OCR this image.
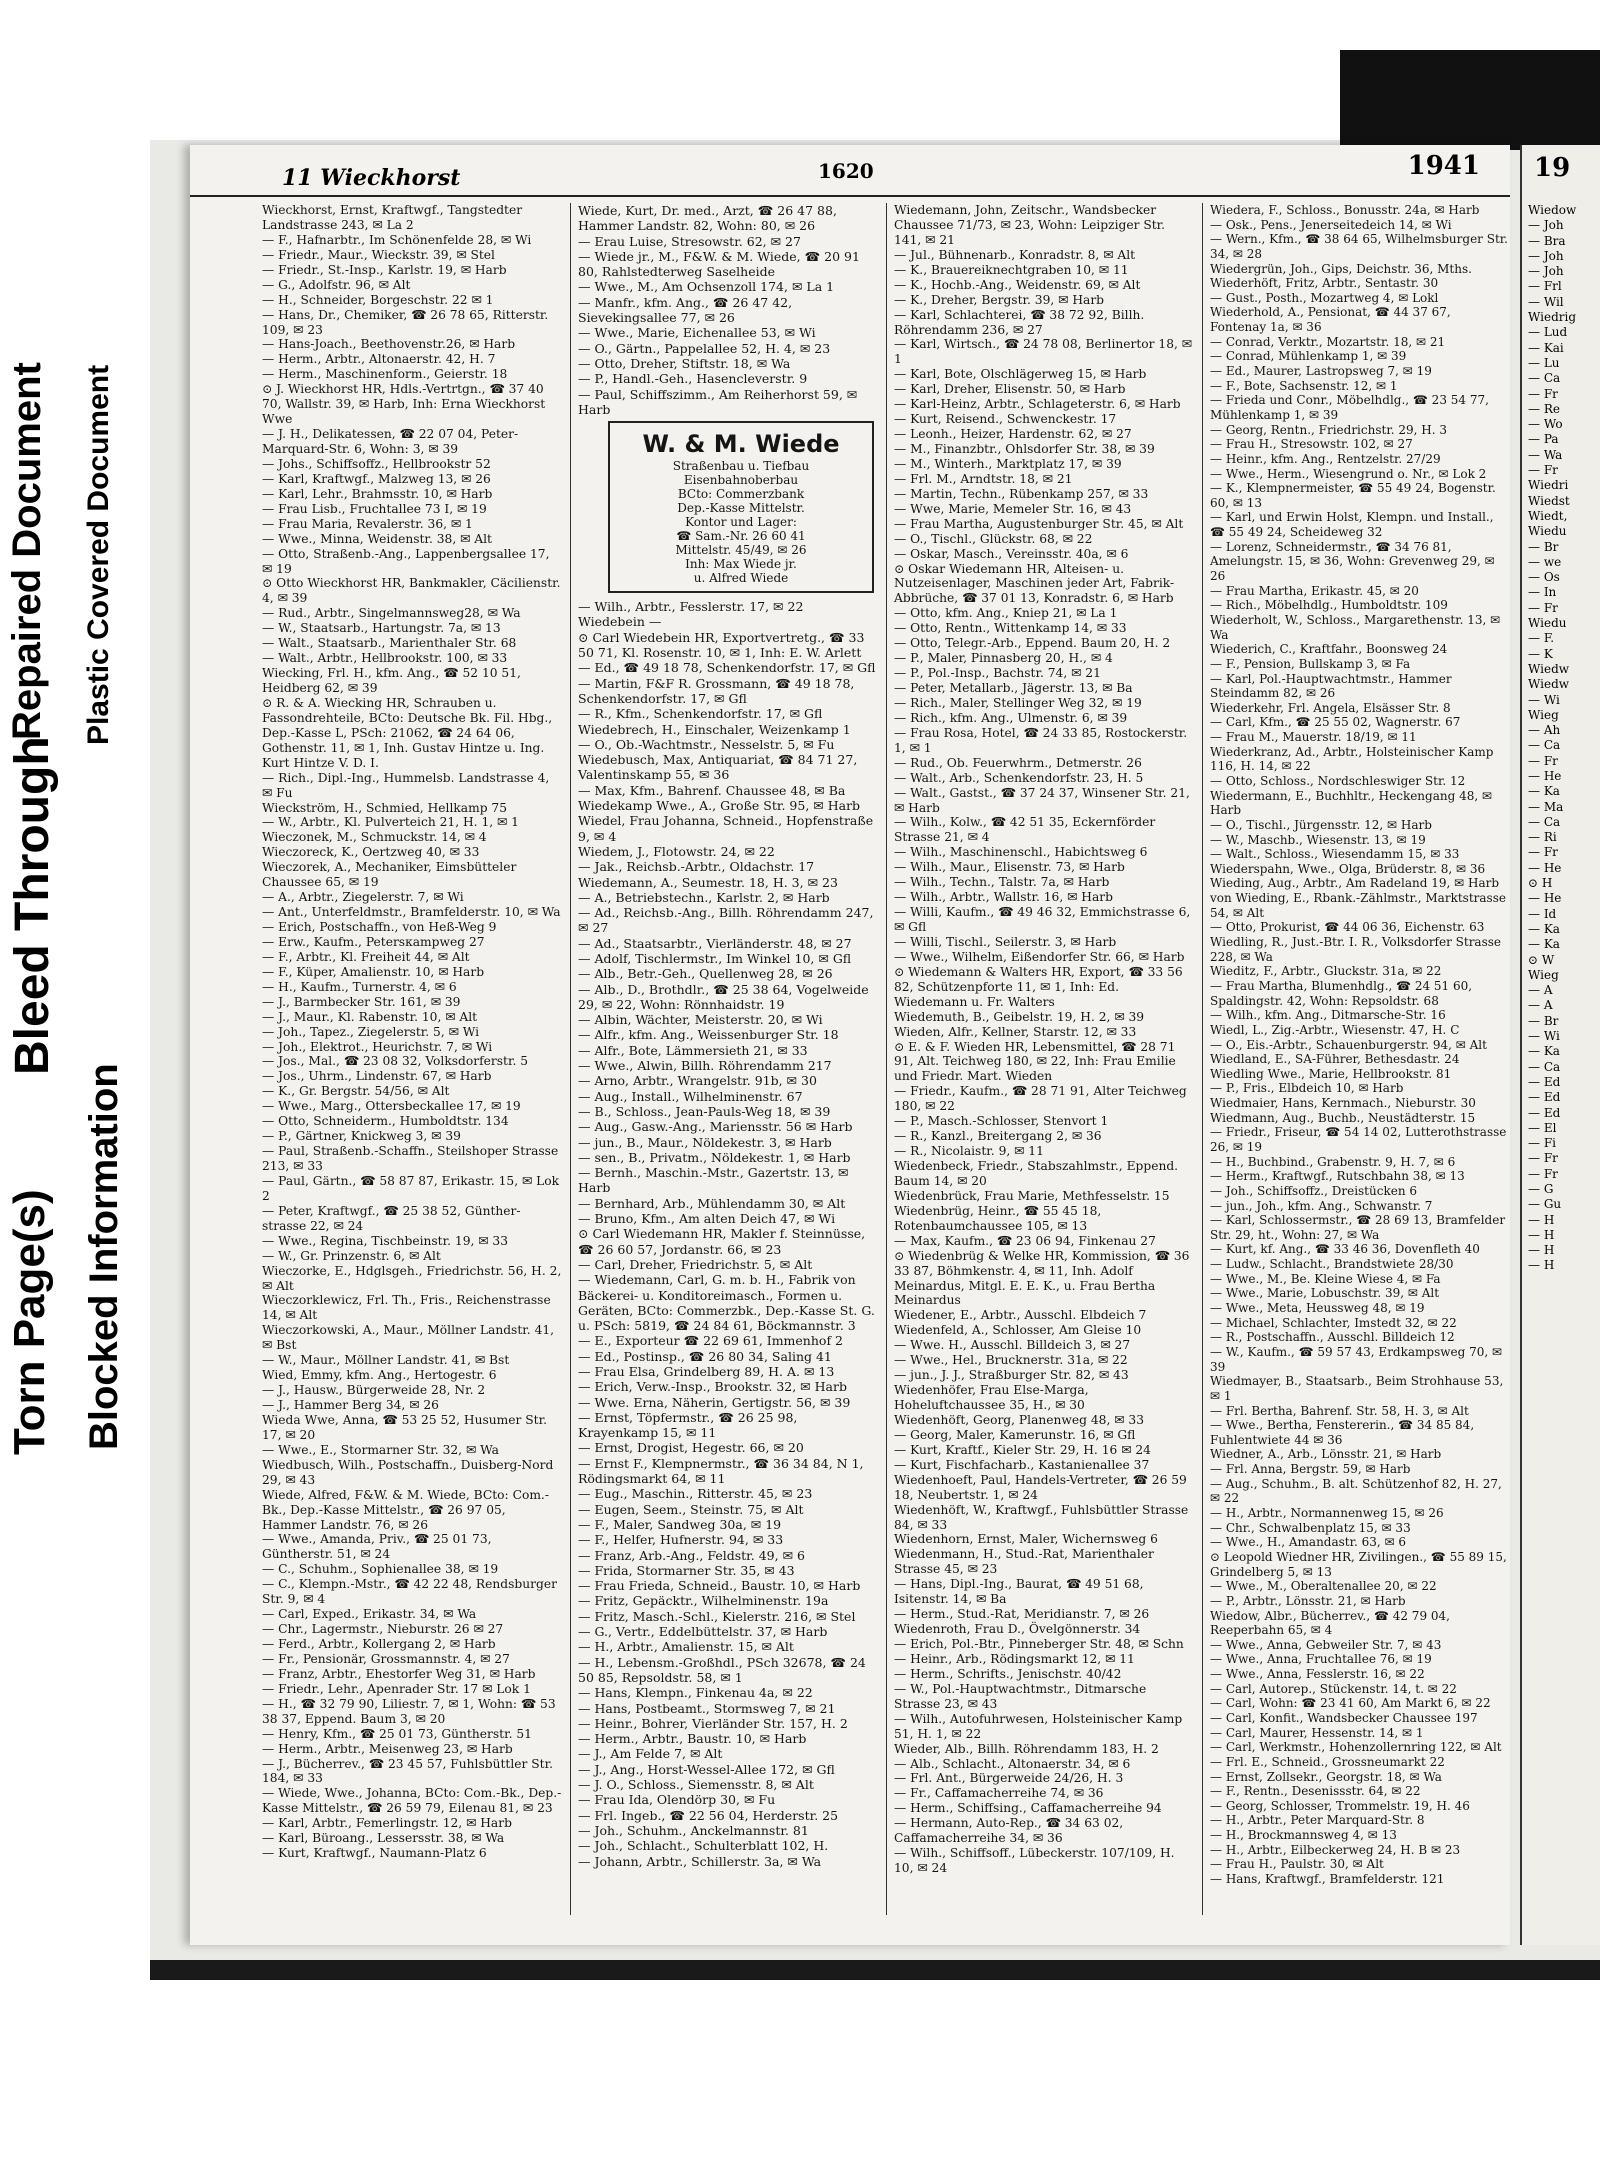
Torn Page(s) Blocked Information
Bleed Through
Repaired Document Plastic Covered Document
11 Wieckhorst	1620	1941

Wieckhorst, Ernst, Kraftwgf., Tangstedter Landstrasse 243, ✉ La 2

— F., Hafnarbtr., Im Schönenfelde 28, ✉ Wi

— Friedr., Maur., Wieckstr. 39, ✉ Stel

— Friedr., St.-Insp., Karlstr. 19, ✉ Harb

— G., Adolfstr. 96, ✉ Alt

— H., Schneider, Borgeschstr. 22 ✉ 1

— Hans, Dr., Chemiker, ☎ 26 78 65, Ritterstr. 109, ✉ 23

— Hans-Joach., Beethovenstr.26, ✉ Harb

— Herm., Arbtr., Altonaerstr. 42, H. 7

— Herm., Maschinenform., Geierstr. 18

⊙ J. Wieckhorst HR, Hdls.-Vertrtgn., ☎ 37 40 70, Wallstr. 39, ✉ Harb, Inh: Erna Wieckhorst Wwe

— J. H., Delikatessen, ☎ 22 07 04, Peter-Marquard-Str. 6, Wohn: 3, ✉ 39

— Johs., Schiffsoffz., Hellbrookstr 52

— Karl, Kraftwgf., Malzweg 13, ✉ 26

— Karl, Lehr., Brahmsstr. 10, ✉ Harb

— Frau Lisb., Fruchtallee 73 I, ✉ 19

— Frau Maria, Revalerstr. 36, ✉ 1

— Wwe., Minna, Weidenstr. 38, ✉ Alt

— Otto, Straßenb.-Ang., Lappenbergsallee 17, ✉ 19

⊙ Otto Wieckhorst HR, Bankmakler, Cäcilienstr. 4, ✉ 39

— Rud., Arbtr., Singelmannsweg28, ✉ Wa

— W., Staatsarb., Hartungstr. 7a, ✉ 13

— Walt., Staatsarb., Marienthaler Str. 68

— Walt., Arbtr., Hellbrookstr. 100, ✉ 33

Wiecking, Frl. H., kfm. Ang., ☎ 52 10 51, Heidberg 62, ✉ 39

⊙ R. & A. Wiecking HR, Schrauben u. Fassondrehteile, BCto: Deutsche Bk. Fil. Hbg., Dep.-Kasse L, PSch: 21062, ☎ 24 64 06, Gothenstr. 11, ✉ 1, Inh. Gustav Hintze u. Ing. Kurt Hintze V. D. I.

— Rich., Dipl.-Ing., Hummelsb. Landstrasse 4, ✉ Fu

Wieckström, H., Schmied, Hellkamp 75

— W., Arbtr., Kl. Pulverteich 21, H. 1, ✉ 1

Wieczonek, M., Schmuckstr. 14, ✉ 4

Wieczoreck, K., Oertzweg 40, ✉ 33

Wieczorek, A., Mechaniker, Eimsbütteler Chaussee 65, ✉ 19

— A., Arbtr., Ziegelerstr. 7, ✉ Wi

— Ant., Unterfeldmstr., Bramfelderstr. 10, ✉ Wa

— Erich, Postschaffn., von Heß-Weg 9

— Erw., Kaufm., Petersкampweg 27

— F., Arbtr., Kl. Freiheit 44, ✉ Alt

— F., Küper, Amalienstr. 10, ✉ Harb

— H., Kaufm., Turnerstr. 4, ✉ 6

— J., Barmbecker Str. 161, ✉ 39

— J., Maur., Kl. Rabenstr. 10, ✉ Alt

— Joh., Tapez., Ziegelerstr. 5, ✉ Wi

— Joh., Elektrot., Heurichstr. 7, ✉ Wi

— Jos., Mal., ☎ 23 08 32, Volksdorferstr. 5

— Jos., Uhrm., Lindenstr. 67, ✉ Harb

— K., Gr. Bergstr. 54/56, ✉ Alt

— Wwe., Marg., Ottersbeckallee 17, ✉ 19

— Otto, Schneiderm., Humboldtstr. 134

— P., Gärtner, Knickweg 3, ✉ 39

— Paul, Straßenb.-Schaffn., Steilshoper Strasse 213, ✉ 33

— Paul, Gärtn., ☎ 58 87 87, Erikastr. 15, ✉ Lok 2

— Peter, Kraftwgf., ☎ 25 38 52, Günther-strasse 22, ✉ 24

— Wwe., Regina, Tischbeinstr. 19, ✉ 33

— W., Gr. Prinzenstr. 6, ✉ Alt

Wieczorke, E., Hdglsgeh., Friedrichstr. 56, H. 2, ✉ Alt

Wieczorklewicz, Frl. Th., Fris., Reichenstrasse 14, ✉ Alt

Wieczorkowski, A., Maur., Möllner Landstr. 41, ✉ Bst

— W., Maur., Möllner Landstr. 41, ✉ Bst

Wied, Emmy, kfm. Ang., Hertogestr. 6

— J., Hausw., Bürgerweide 28, Nr. 2

— J., Hammer Berg 34, ✉ 26

Wieda Wwe, Anna, ☎ 53 25 52, Husumer Str. 17, ✉ 20

— Wwe., E., Stormarner Str. 32, ✉ Wa

Wiedbusch, Wilh., Postschaffn., Duisberg-Nord 29, ✉ 43

Wiede, Alfred, F&W. & M. Wiede, BCto: Com.-Bk., Dep.-Kasse Mittelstr., ☎ 26 97 05, Hammer Landstr. 76, ✉ 26

— Wwe., Amanda, Priv., ☎ 25 01 73, Güntherstr. 51, ✉ 24

— C., Schuhm., Sophienallee 38, ✉ 19

— C., Klempn.-Mstr., ☎ 42 22 48, Rendsburger Str. 9, ✉ 4

— Carl, Exped., Erikastr. 34, ✉ Wa

— Chr., Lagermstr., Nieburstr. 26 ✉ 27

— Ferd., Arbtr., Kollergang 2, ✉ Harb

— Fr., Pensionär, Grossmannstr. 4, ✉ 27

— Franz, Arbtr., Ehestorfer Weg 31, ✉ Harb

— Friedr., Lehr., Apenrader Str. 17 ✉ Lok 1

— H., ☎ 32 79 90, Liliestr. 7, ✉ 1, Wohn: ☎ 53 38 37, Eppend. Baum 3, ✉ 20

— Henry, Kfm., ☎ 25 01 73, Güntherstr. 51

— Herm., Arbtr., Meisenweg 23, ✉ Harb

— J., Bücherrev., ☎ 23 45 57, Fuhlsbüttler Str. 184, ✉ 33

— Wiede, Wwe., Johanna, BCto: Com.-Bk., Dep.-Kasse Mittelstr., ☎ 26 59 79, Eilenau 81, ✉ 23

— Karl, Arbtr., Femerlingstr. 12, ✉ Harb

— Karl, Büroang., Lessersstr. 38, ✉ Wa

— Kurt, Kraftwgf., Naumann-Platz 6

Wiede, Kurt, Dr. med., Arzt, ☎ 26 47 88, Hammer Landstr. 82, Wohn: 80, ✉ 26

— Erau Luise, Stresowstr. 62, ✉ 27

— Wiede jr., M., F&W. & M. Wiede, ☎ 20 91 80, Rahlstedterweg Saselheide

— Wwe., M., Am Ochsenzoll 174, ✉ La 1

— Manfr., kfm. Ang., ☎ 26 47 42, Sievekingsallee 77, ✉ 26

— Wwe., Marie, Eichenallee 53, ✉ Wi

— O., Gärtn., Pappelallee 52, H. 4, ✉ 23

— Otto, Dreher, Stiftstr. 18, ✉ Wa

— P., Handl.-Geh., Hasencleverstr. 9

— Paul, Schiffszimm., Am Reiherhorst 59, ✉ Harb

W. & M. Wiede
Straßenbau u. Tiefbau
Eisenbahnoberbau
BCto: Commerzbank
Dep.-Kasse Mittelstr.
Kontor und Lager:
☎ Sam.-Nr. 26 60 41
Mittelstr. 45/49, ✉ 26
Inh: Max Wiede jr.
u. Alfred Wiede

— Wilh., Arbtr., Fesslerstr. 17, ✉ 22

Wiedebein —

⊙ Carl Wiedebein HR, Exportvertretg., ☎ 33 50 71, Kl. Rosenstr. 10, ✉ 1, Inh: E. W. Arlett

— Ed., ☎ 49 18 78, Schenkendorfstr. 17, ✉ Gfl

— Martin, F&F R. Grossmann, ☎ 49 18 78, Schenkendorfstr. 17, ✉ Gfl

— R., Kfm., Schenkendorfstr. 17, ✉ Gfl

Wiedebrech, H., Einschaler, Weizenkamp 1

— O., Ob.-Wachtmstr., Nesselstr. 5, ✉ Fu

Wiedebusch, Max, Antiquariat, ☎ 84 71 27, Valentinskamp 55, ✉ 36

— Max, Kfm., Bahrenf. Chaussee 48, ✉ Ba

Wiedekamp Wwe., A., Große Str. 95, ✉ Harb

Wiedel, Frau Johanna, Schneid., Hopfenstraße 9, ✉ 4

Wiedem, J., Flotowstr. 24, ✉ 22

— Jak., Reichsb.-Arbtr., Oldachstr. 17

Wiedemann, A., Seumestr. 18, H. 3, ✉ 23

— A., Betriebstechn., Karlstr. 2, ✉ Harb

— Ad., Reichsb.-Ang., Billh. Röhrendamm 247, ✉ 27

— Ad., Staatsarbtr., Vierländerstr. 48, ✉ 27

— Adolf, Tischlermstr., Im Winkel 10, ✉ Gfl

— Alb., Betr.-Geh., Quellenweg 28, ✉ 26

— Alb., D., Brothdlr., ☎ 25 38 64, Vogelweide 29, ✉ 22, Wohn: Rönnhaidstr. 19

— Albin, Wächter, Meisterstr. 20, ✉ Wi

— Alfr., kfm. Ang., Weissenburger Str. 18

— Alfr., Bote, Lämmersieth 21, ✉ 33

— Wwe., Alwin, Billh. Röhrendamm 217

— Arno, Arbtr., Wrangelstr. 91b, ✉ 30

— Aug., Install., Wilhelminenstr. 67

— B., Schloss., Jean-Pauls-Weg 18, ✉ 39

— Aug., Gasw.-Ang., Mariensstr. 56 ✉ Harb

— jun., B., Maur., Nöldekestr. 3, ✉ Harb

— sen., B., Privatm., Nöldekestr. 1, ✉ Harb

— Bernh., Maschin.-Mstr., Gazertstr. 13, ✉ Harb

— Bernhard, Arb., Mühlendamm 30, ✉ Alt

— Bruno, Kfm., Am alten Deich 47, ✉ Wi

⊙ Carl Wiedemann HR, Makler f. Steinnüsse, ☎ 26 60 57, Jordanstr. 66, ✉ 23

— Carl, Dreher, Friedrichstr. 5, ✉ Alt

— Wiedemann, Carl, G. m. b. H., Fabrik von Bäckerei- u. Konditoreimasch., Formen u. Geräten, BCto: Commerzbk., Dep.-Kasse St. G. u. PSch: 5819, ☎ 24 84 61, Böckmannstr. 3

— E., Exporteur ☎ 22 69 61, Immenhof 2

— Ed., Postinsp., ☎ 26 80 34, Saling 41

— Frau Elsa, Grindelberg 89, H. A. ✉ 13

— Erich, Verw.-Insp., Brookstr. 32, ✉ Harb

— Wwe. Erna, Näherin, Gertigstr. 56, ✉ 39

— Ernst, Töpfermstr., ☎ 26 25 98, Krayenkamp 15, ✉ 11

— Ernst, Drogist, Hegestr. 66, ✉ 20

— Ernst F., Klempnermstr., ☎ 36 34 84, N 1, Rödingsmarkt 64, ✉ 11

— Eug., Maschin., Ritterstr. 45, ✉ 23

— Eugen, Seem., Steinstr. 75, ✉ Alt

— F., Maler, Sandweg 30a, ✉ 19

— F., Helfer, Hufnerstr. 94, ✉ 33

— Franz, Arb.-Ang., Feldstr. 49, ✉ 6

— Frida, Stormarner Str. 35, ✉ 43

— Frau Frieda, Schneid., Baustr. 10, ✉ Harb

— Fritz, Gepäcktr., Wilhelminenstr. 19a

— Fritz, Masch.-Schl., Kielerstr. 216, ✉ Stel

— G., Vertr., Eddelbüttelstr. 37, ✉ Harb

— H., Arbtr., Amalienstr. 15, ✉ Alt

— H., Lebensm.-Großhdl., PSch 32678, ☎ 24 50 85, Repsoldstr. 58, ✉ 1

— Hans, Klempn., Finkenau 4a, ✉ 22

— Hans, Postbeamt., Stormsweg 7, ✉ 21

— Heinr., Bohrer, Vierländer Str. 157, H. 2

— Herm., Arbtr., Baustr. 10, ✉ Harb

— J., Am Felde 7, ✉ Alt

— J., Ang., Horst-Wessel-Allee 172, ✉ Gfl

— J. O., Schloss., Siemensstr. 8, ✉ Alt

— Frau Ida, Olendörp 30, ✉ Fu

— Frl. Ingeb., ☎ 22 56 04, Herderstr. 25

— Joh., Schuhm., Anckelmannstr. 81

— Joh., Schlacht., Schulterblatt 102, H.

— Johann, Arbtr., Schillerstr. 3a, ✉ Wa

Wiedemann, John, Zeitschr., Wandsbecker Chaussee 71/73, ✉ 23, Wohn: Leipziger Str. 141, ✉ 21

— Jul., Bühnenarb., Konradstr. 8, ✉ Alt

— K., Brauereiknechtgraben 10, ✉ 11

— K., Hochb.-Ang., Weidenstr. 69, ✉ Alt

— K., Dreher, Bergstr. 39, ✉ Harb

— Karl, Schlachterei, ☎ 38 72 92, Billh. Röhrendamm 236, ✉ 27

— Karl, Wirtsch., ☎ 24 78 08, Berlinertor 18, ✉ 1

— Karl, Bote, Olschlägerweg 15, ✉ Harb

— Karl, Dreher, Elisenstr. 50, ✉ Harb

— Karl-Heinz, Arbtr., Schlageterstr. 6, ✉ Harb

— Kurt, Reisend., Schwenckestr. 17

— Leonh., Heizer, Hardenstr. 62, ✉ 27

— M., Finanzbtr., Ohlsdorfer Str. 38, ✉ 39

— M., Winterh., Marktplatz 17, ✉ 39

— Frl. M., Arndtstr. 18, ✉ 21

— Martin, Techn., Rübenkamp 257, ✉ 33

— Wwe, Marie, Memeler Str. 16, ✉ 43

— Frau Martha, Augustenburger Str. 45, ✉ Alt

— O., Tischl., Glückstr. 68, ✉ 22

— Oskar, Masch., Vereinsstr. 40a, ✉ 6

⊙ Oskar Wiedemann HR, Alteisen- u. Nutzeisenlager, Maschinen jeder Art, Fabrik-Abbrüche, ☎ 37 01 13, Konradstr. 6, ✉ Harb

— Otto, kfm. Ang., Kniep 21, ✉ La 1

— Otto, Rentn., Wittenkamp 14, ✉ 33

— Otto, Telegr.-Arb., Eppend. Baum 20, H. 2

— P., Maler, Pinnasberg 20, H., ✉ 4

— P., Pol.-Insp., Bachstr. 74, ✉ 21

— Peter, Metallarb., Jägerstr. 13, ✉ Ba

— Rich., Maler, Stellinger Weg 32, ✉ 19

— Rich., kfm. Ang., Ulmenstr. 6, ✉ 39

— Frau Rosa, Hotel, ☎ 24 33 85, Rostockerstr. 1, ✉ 1

— Rud., Ob. Feuerwhrm., Detmerstr. 26

— Walt., Arb., Schenkendorfstr. 23, H. 5

— Walt., Gastst., ☎ 37 24 37, Winsener Str. 21, ✉ Harb

— Wilh., Kolw., ☎ 42 51 35, Eckernförder Strasse 21, ✉ 4

— Wilh., Maschinenschl., Habichtsweg 6

— Wilh., Maur., Elisenstr. 73, ✉ Harb

— Wilh., Techn., Talstr. 7a, ✉ Harb

— Wilh., Arbtr., Wallstr. 16, ✉ Harb

— Willi, Kaufm., ☎ 49 46 32, Emmichstrasse 6, ✉ Gfl

— Willi, Tischl., Seilerstr. 3, ✉ Harb

— Wwe., Wilhelm, Eißendorfer Str. 66, ✉ Harb

⊙ Wiedemann & Walters HR, Export, ☎ 33 56 82, Schützenpforte 11, ✉ 1, Inh: Ed. Wiedemann u. Fr. Walters

Wiedemuth, B., Geibelstr. 19, H. 2, ✉ 39

Wieden, Alfr., Kellner, Starstr. 12, ✉ 33

⊙ E. & F. Wieden HR, Lebensmittel, ☎ 28 71 91, Alt. Teichweg 180, ✉ 22, Inh: Frau Emilie und Friedr. Mart. Wieden

— Friedr., Kaufm., ☎ 28 71 91, Alter Teichweg 180, ✉ 22

— P., Masch.-Schlosser, Stenvort 1

— R., Kanzl., Breitergang 2, ✉ 36

— R., Nicolaistr. 9, ✉ 11

Wiedenbeck, Friedr., Stabszahlmstr., Eppend. Baum 14, ✉ 20

Wiedenbrück, Frau Marie, Methfesselstr. 15

Wiedenbrüg, Heinr., ☎ 55 45 18, Rotenbaumchaussee 105, ✉ 13

— Max, Kaufm., ☎ 23 06 94, Finkenau 27

⊙ Wiedenbrüg & Welke HR, Kommission, ☎ 36 33 87, Böhmkenstr. 4, ✉ 11, Inh. Adolf Meinardus, Mitgl. E. E. K., u. Frau Bertha Meinardus

Wiedener, E., Arbtr., Ausschl. Elbdeich 7

Wiedenfeld, A., Schlosser, Am Gleise 10

— Wwe. H., Ausschl. Billdeich 3, ✉ 27

— Wwe., Hel., Brucknerstr. 31a, ✉ 22

— jun., J. J., Straßburger Str. 82, ✉ 43

Wiedenhöfer, Frau Else-Marga, Hoheluftchaussee 35, H., ✉ 30

Wiedenhöft, Georg, Planenweg 48, ✉ 33

— Georg, Maler, Kamerunstr. 16, ✉ Gfl

— Kurt, Kraftf., Kieler Str. 29, H. 16 ✉ 24

— Kurt, Fischfacharb., Kastanienallee 37

Wiedenhoeft, Paul, Handels-Vertreter, ☎ 26 59 18, Neubertstr. 1, ✉ 24

Wiedenhöft, W., Kraftwgf., Fuhlsbüttler Strasse 84, ✉ 33

Wiedenhorn, Ernst, Maler, Wichernsweg 6

Wiedenmann, H., Stud.-Rat, Marienthaler Strasse 45, ✉ 23

— Hans, Dipl.-Ing., Baurat, ☎ 49 51 68, Isitenstr. 14, ✉ Ba

— Herm., Stud.-Rat, Meridianstr. 7, ✉ 26

Wiedenroth, Frau D., Övelgönnerstr. 34

— Erich, Pol.-Btr., Pinneberger Str. 48, ✉ Schn

— Heinr., Arb., Rödingsmarkt 12, ✉ 11

— Herm., Schrifts., Jenischstr. 40/42

— W., Pol.-Hauptwachtmstr., Ditmarsche Strasse 23, ✉ 43

— Wilh., Autofuhrwesen, Holsteinischer Kamp 51, H. 1, ✉ 22

Wieder, Alb., Billh. Röhrendamm 183, H. 2

— Alb., Schlacht., Altonaerstr. 34, ✉ 6

— Frl. Ant., Bürgerweide 24/26, H. 3

— Fr., Caffamacherreihe 74, ✉ 36

— Herm., Schiffsing., Caffamacherreihe 94

— Hermann, Auto-Rep., ☎ 34 63 02, Caffamacherreihe 34, ✉ 36

— Wilh., Schiffsoff., Lübeckerstr. 107/109, H. 10, ✉ 24

Wiedera, F., Schloss., Bonusstr. 24a, ✉ Harb

— Osk., Pens., Jenerseitedeich 14, ✉ Wi

— Wern., Kfm., ☎ 38 64 65, Wilhelmsburger Str. 34, ✉ 28

Wiedergrün, Joh., Gips, Deichstr. 36, Mths.

Wiederhöft, Fritz, Arbtr., Sentastr. 30

— Gust., Posth., Mozartweg 4, ✉ Lokl

Wiederhold, A., Pensionat, ☎ 44 37 67, Fontenay 1a, ✉ 36

— Conrad, Verktr., Mozartstr. 18, ✉ 21

— Conrad, Mühlenkamp 1, ✉ 39

— Ed., Maurer, Lastropsweg 7, ✉ 19

— F., Bote, Sachsenstr. 12, ✉ 1

— Frieda und Conr., Möbelhdlg., ☎ 23 54 77, Mühlenkamp 1, ✉ 39

— Georg, Rentn., Friedrichstr. 29, H. 3

— Frau H., Stresowstr. 102, ✉ 27

— Heinr., kfm. Ang., Rentzelstr. 27/29

— Wwe., Herm., Wiesengrund o. Nr., ✉ Lok 2

— K., Klempnermeister, ☎ 55 49 24, Bogenstr. 60, ✉ 13

— Karl, und Erwin Holst, Klempn. und Install., ☎ 55 49 24, Scheideweg 32

— Lorenz, Schneidermstr., ☎ 34 76 81, Amelungstr. 15, ✉ 36, Wohn: Grevenweg 29, ✉ 26

— Frau Martha, Erikastr. 45, ✉ 20

— Rich., Möbelhdlg., Humboldtstr. 109

Wiederholt, W., Schloss., Margarethenstr. 13, ✉ Wa

Wiederich, C., Kraftfahr., Boonsweg 24

— F., Pension, Bullskamp 3, ✉ Fa

— Karl, Pol.-Hauptwachtmstr., Hammer Steindamm 82, ✉ 26

Wiederkehr, Frl. Angela, Elsässer Str. 8

— Carl, Kfm., ☎ 25 55 02, Wagnerstr. 67

— Frau M., Mauerstr. 18/19, ✉ 11

Wiederkranz, Ad., Arbtr., Holsteinischer Kamp 116, H. 14, ✉ 22

— Otto, Schloss., Nordschleswiger Str. 12

Wiedermann, E., Buchhltr., Heckengang 48, ✉ Harb

— O., Tischl., Jürgensstr. 12, ✉ Harb

— W., Maschb., Wiesenstr. 13, ✉ 19

— Walt., Schloss., Wiesendamm 15, ✉ 33

Wiederspahn, Wwe., Olga, Brüderstr. 8, ✉ 36

Wieding, Aug., Arbtr., Am Radeland 19, ✉ Harb

von Wieding, E., Rbank.-Zählmstr., Marktstrasse 54, ✉ Alt

— Otto, Prokurist, ☎ 44 06 36, Eichenstr. 63

Wiedling, R., Just.-Btr. I. R., Volksdorfer Strasse 228, ✉ Wa

Wieditz, F., Arbtr., Gluckstr. 31a, ✉ 22

— Frau Martha, Blumenhdlg., ☎ 24 51 60, Spaldingstr. 42, Wohn: Repsoldstr. 68

— Wilh., kfm. Ang., Ditmarsche-Str. 16

Wiedl, L., Zig.-Arbtr., Wiesenstr. 47, H. C

— O., Eis.-Arbtr., Schauenburgerstr. 94, ✉ Alt

Wiedland, E., SA-Führer, Bethesdastr. 24

Wiedling Wwe., Marie, Hellbrookstr. 81

— P., Fris., Elbdeich 10, ✉ Harb

Wiedmaier, Hans, Kernmach., Nieburstr. 30

Wiedmann, Aug., Buchb., Neustädterstr. 15

— Friedr., Friseur, ☎ 54 14 02, Lutterothstrasse 26, ✉ 19

— H., Buchbind., Grabenstr. 9, H. 7, ✉ 6

— Herm., Kraftwgf., Rutschbahn 38, ✉ 13

— Joh., Schiffsoffz., Dreistücken 6

— jun., Joh., kfm. Ang., Schwanstr. 7

— Karl, Schlossermstr., ☎ 28 69 13, Bramfelder Str. 29, ht., Wohn: 27, ✉ Wa

— Kurt, kf. Ang., ☎ 33 46 36, Dovenfleth 40

— Ludw., Schlacht., Brandstwiete 28/30

— Wwe., M., Be. Kleine Wiese 4, ✉ Fa

— Wwe., Marie, Lobuschstr. 39, ✉ Alt

— Wwe., Meta, Heussweg 48, ✉ 19

— Michael, Schlachter, Imstedt 32, ✉ 22

— R., Postschaffn., Ausschl. Billdeich 12

— W., Kaufm., ☎ 59 57 43, Erdkampsweg 70, ✉ 39

Wiedmayer, B., Staatsarb., Beim Strohhause 53, ✉ 1

— Frl. Bertha, Bahrenf. Str. 58, H. 3, ✉ Alt

— Wwe., Bertha, Fenstererin., ☎ 34 85 84, Fuhlentwiete 44 ✉ 36

Wiedner, A., Arb., Lönsstr. 21, ✉ Harb

— Frl. Anna, Bergstr. 59, ✉ Harb

— Aug., Schuhm., B. alt. Schützenhof 82, H. 27, ✉ 22

— H., Arbtr., Normannenweg 15, ✉ 26

— Chr., Schwalbenplatz 15, ✉ 33

— Wwe., H., Amandastr. 63, ✉ 6

⊙ Leopold Wiedner HR, Zivilingen., ☎ 55 89 15, Grindelberg 5, ✉ 13

— Wwe., M., Oberaltenallee 20, ✉ 22

— P., Arbtr., Lönsstr. 21, ✉ Harb

Wiedow, Albr., Bücherrev., ☎ 42 79 04, Reeperbahn 65, ✉ 4

— Wwe., Anna, Gebweiler Str. 7, ✉ 43

— Wwe., Anna, Fruchtallee 76, ✉ 19

— Wwe., Anna, Fesslerstr. 16, ✉ 22

— Carl, Autorep., Stückenstr. 14, t. ✉ 22

— Carl, Wohn: ☎ 23 41 60, Am Markt 6, ✉ 22

— Carl, Konfit., Wandsbecker Chaussee 197

— Carl, Maurer, Hessenstr. 14, ✉ 1

— Carl, Werkmstr., Hohenzollernring 122, ✉ Alt

— Frl. E., Schneid., Grossneumarkt 22

— Ernst, Zollsekr., Georgstr. 18, ✉ Wa

— F., Rentn., Desenissstr. 64, ✉ 22

— Georg, Schlosser, Trommelstr. 19, H. 46

— H., Arbtr., Peter Marquard-Str. 8

— H., Brockmannsweg 4, ✉ 13

— H., Arbtr., Eilbeckerweg 24, H. B ✉ 23

— Frau H., Paulstr. 30, ✉ Alt

— Hans, Kraftwgf., Bramfelderstr. 121

19
Wiedow
— Joh
— Bra
— Joh
— Joh
— Frl
— Wil
Wiedrig
— Lud
— Kai
— Lu
— Ca
— Fr
— Re
— Wo
— Pa
— Wa
— Fr
Wiedri
Wiedst
Wiedt,
Wiedu
— Br
— we
— Os
— In
— Fr
Wiedu
— F.
— K
Wiedw
Wiedw
— Wi
Wieg
— Ah
— Ca
— Fr
— He
— Ka
— Ma
— Ca
— Ri
— Fr
— He
⊙ H
— He
— Id
— Ka
— Ka
⊙ W
Wieg
— A
— A
— Br
— Wi
— Ka
— Ca
— Ed
— Ed
— Ed
— El
— Fi
— Fr
— Fr
— G
— Gu
— H
— H
— H
— H
